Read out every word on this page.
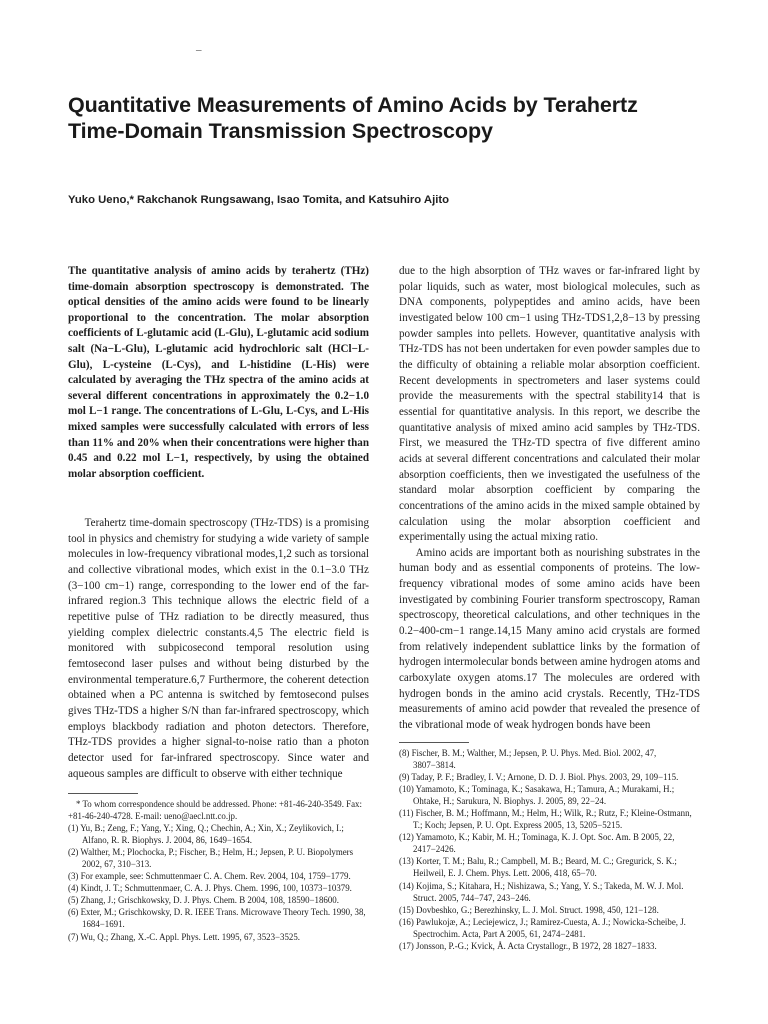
–
Quantitative Measurements of Amino Acids by Terahertz Time-Domain Transmission Spectroscopy
Yuko Ueno,* Rakchanok Rungsawang, Isao Tomita, and Katsuhiro Ajito
The quantitative analysis of amino acids by terahertz (THz) time-domain absorption spectroscopy is demonstrated. The optical densities of the amino acids were found to be linearly proportional to the concentration. The molar absorption coefficients of L-glutamic acid (L-Glu), L-glutamic acid sodium salt (Na−L-Glu), L-glutamic acid hydrochloric salt (HCl−L-Glu), L-cysteine (L-Cys), and L-histidine (L-His) were calculated by averaging the THz spectra of the amino acids at several different concentrations in approximately the 0.2−1.0 mol L−1 range. The concentrations of L-Glu, L-Cys, and L-His mixed samples were successfully calculated with errors of less than 11% and 20% when their concentrations were higher than 0.45 and 0.22 mol L−1, respectively, by using the obtained molar absorption coefficient.

Terahertz time-domain spectroscopy (THz-TDS) is a promising tool in physics and chemistry for studying a wide variety of sample molecules in low-frequency vibrational modes,1,2 such as torsional and collective vibrational modes, which exist in the 0.1−3.0 THz (3−100 cm−1) range, corresponding to the lower end of the far-infrared region.3 This technique allows the electric field of a repetitive pulse of THz radiation to be directly measured, thus yielding complex dielectric constants.4,5 The electric field is monitored with subpicosecond temporal resolution using femtosecond laser pulses and without being disturbed by the environmental temperature.6,7 Furthermore, the coherent detection obtained when a PC antenna is switched by femtosecond pulses gives THz-TDS a higher S/N than far-infrared spectroscopy, which employs blackbody radiation and photon detectors. Therefore, THz-TDS provides a higher signal-to-noise ratio than a photon detector used for far-infrared spectroscopy. Since water and aqueous samples are difficult to observe with either technique

due to the high absorption of THz waves or far-infrared light by polar liquids, such as water, most biological molecules, such as DNA components, polypeptides and amino acids, have been investigated below 100 cm−1 using THz-TDS1,2,8−13 by pressing powder samples into pellets. However, quantitative analysis with THz-TDS has not been undertaken for even powder samples due to the difficulty of obtaining a reliable molar absorption coefficient. Recent developments in spectrometers and laser systems could provide the measurements with the spectral stability14 that is essential for quantitative analysis. In this report, we describe the quantitative analysis of mixed amino acid samples by THz-TDS. First, we measured the THz-TD spectra of five different amino acids at several different concentrations and calculated their molar absorption coefficients, then we investigated the usefulness of the standard molar absorption coefficient by comparing the concentrations of the amino acids in the mixed sample obtained by calculation using the molar absorption coefficient and experimentally using the actual mixing ratio.

Amino acids are important both as nourishing substrates in the human body and as essential components of proteins. The low-frequency vibrational modes of some amino acids have been investigated by combining Fourier transform spectroscopy, Raman spectroscopy, theoretical calculations, and other techniques in the 0.2−400-cm−1 range.14,15 Many amino acid crystals are formed from relatively independent sublattice links by the formation of hydrogen intermolecular bonds between amine hydrogen atoms and carboxylate oxygen atoms.17 The molecules are ordered with hydrogen bonds in the amino acid crystals. Recently, THz-TDS measurements of amino acid powder that revealed the presence of the vibrational mode of weak hydrogen bonds have been

* To whom correspondence should be addressed. Phone: +81-46-240-3549. Fax: +81-46-240-4728. E-mail: ueno@aecl.ntt.co.jp.

(1) Yu, B.; Zeng, F.; Yang, Y.; Xing, Q.; Chechin, A.; Xin, X.; Zeylikovich, I.; Alfano, R. R. Biophys. J. 2004, 86, 1649−1654.

(2) Walther, M.; Plochocka, P.; Fischer, B.; Helm, H.; Jepsen, P. U. Biopolymers 2002, 67, 310−313.

(3) For example, see: Schmuttenmaer C. A. Chem. Rev. 2004, 104, 1759−1779.

(4) Kindt, J. T.; Schmuttenmaer, C. A. J. Phys. Chem. 1996, 100, 10373−10379.

(5) Zhang, J.; Grischkowsky, D. J. Phys. Chem. B 2004, 108, 18590−18600.

(6) Exter, M.; Grischkowsky, D. R. IEEE Trans. Microwave Theory Tech. 1990, 38, 1684−1691.

(7) Wu, Q.; Zhang, X.-C. Appl. Phys. Lett. 1995, 67, 3523−3525.

(8) Fischer, B. M.; Walther, M.; Jepsen, P. U. Phys. Med. Biol. 2002, 47, 3807−3814.

(9) Taday, P. F.; Bradley, I. V.; Arnone, D. D. J. Biol. Phys. 2003, 29, 109−115.

(10) Yamamoto, K.; Tominaga, K.; Sasakawa, H.; Tamura, A.; Murakami, H.; Ohtake, H.; Sarukura, N. Biophys. J. 2005, 89, 22−24.

(11) Fischer, B. M.; Hoffmann, M.; Helm, H.; Wilk, R.; Rutz, F.; Kleine-Ostmann, T.; Koch; Jepsen, P. U. Opt. Express 2005, 13, 5205−5215.

(12) Yamamoto, K.; Kabir, M. H.; Tominaga, K. J. Opt. Soc. Am. B 2005, 22, 2417−2426.

(13) Korter, T. M.; Balu, R.; Campbell, M. B.; Beard, M. C.; Gregurick, S. K.; Heilweil, E. J. Chem. Phys. Lett. 2006, 418, 65−70.

(14) Kojima, S.; Kitahara, H.; Nishizawa, S.; Yang, Y. S.; Takeda, M. W. J. Mol. Struct. 2005, 744−747, 243−246.

(15) Dovbeshko, G.; Berezhinsky, L. J. Mol. Struct. 1998, 450, 121−128.

(16) Pawlukojæ, A.; Leciejewicz, J.; Ramirez-Cuesta, A. J.; Nowicka-Scheibe, J. Spectrochim. Acta, Part A 2005, 61, 2474−2481.

(17) Jonsson, P.-G.; Kvick, Å. Acta Crystallogr., B 1972, 28 1827−1833.
